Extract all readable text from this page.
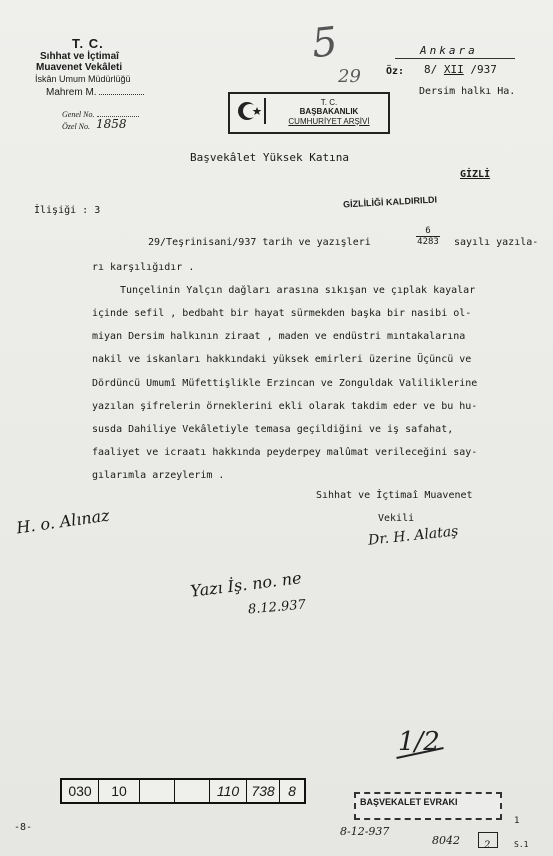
T. C.
Sıhhat ve İçtimaî
Muavenet Vekâleti
İskân Umum Müdürlüğü
Mahrem M.
Genel No.
Özel No. 1858
T. C.
BAŞBAKANLIK
CUMHURİYET ARŞİVİ
5
29
Ankara
Öz: 8/ XII /937
Dersim halkı Ha.
Başvekâlet Yüksek Katına
GİZLİ
GİZLİLİĞİ KALDIRILDI
İlişiği : 3
29/Teşrinisani/937 tarih ve yazışleri	$\frac{6}{4283}$ sayılı yazıla-
rı karşılığıdır .
Tunçelinin Yalçın dağları arasına sıkışan ve çıplak kayalar
içinde sefil , bedbaht bir hayat sürmekden başka bir nasibi ol-
miyan Dersim halkının ziraat , maden ve endüstri mıntakalarına
nakil ve iskanları hakkındaki yüksek emirleri üzerine Üçüncü ve
Dördüncü Umumî Müfettişlikle Erzincan ve Zonguldak Valiliklerine
yazılan şifrelerin örneklerini ekli olarak takdim eder ve bu hu-
susda Dahiliye Vekâletiyle temasa geçildiğini ve iş safahat,
faaliyet ve icraatı hakkında peyderpey malûmat verileceğini say-
gılarımla arzeylerim .
Sıhhat ve İçtimaî Muavenet
Vekili
Dr. H. Alataş
H. o. Alınaz
Yazı İş. no. ne
8.12.937
1/2
030	10	110 738 8
BAŞVEKALET EVRAKI
8-12-937
8042	2
-8-
1
S.1
